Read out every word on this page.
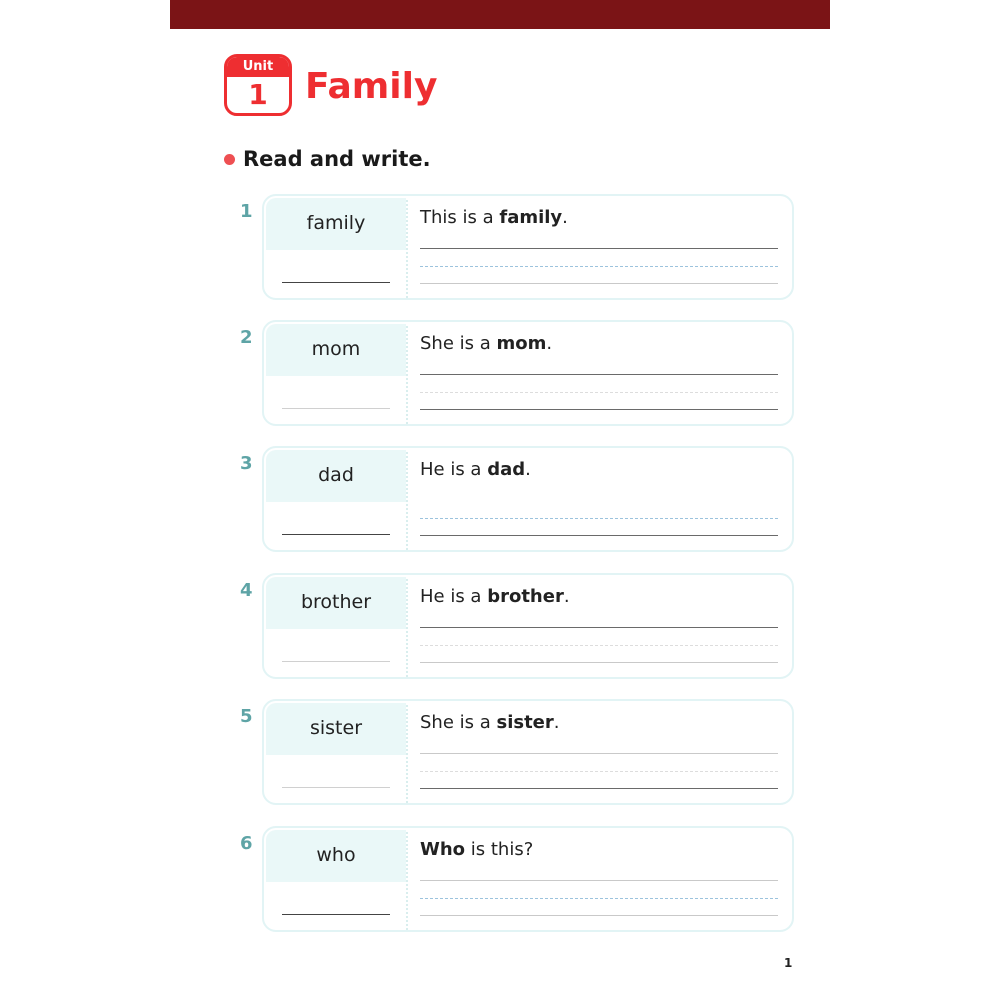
Unit
1	Family
Read and write.
1
family	This is a family.
2
mom	She is a mom.
3
dad	He is a dad.
4
brother	He is a brother.
5
sister	She is a sister.
6
who	Who is this?
1
